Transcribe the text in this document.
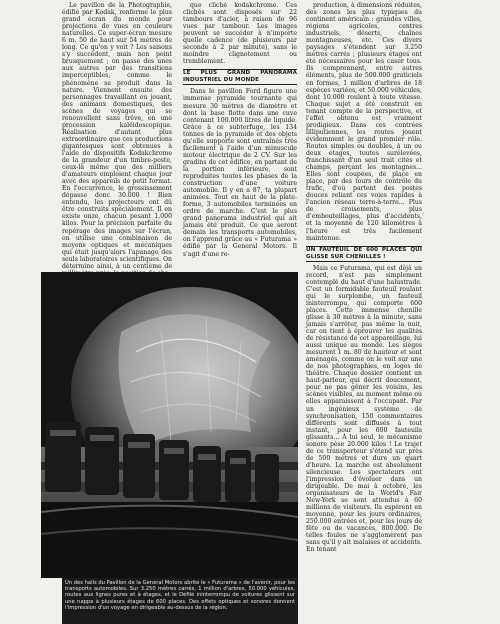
Le pavillon de la Photographie, édifié par Kodak, renferme le plus grand écran du monde pour projections de vues en couleurs naturelles. Ce super-écran mesure 6 m. 50 de haut sur 54 mètres de long. Ce qu'on y voit ? Les saisons s'y succèdent, mais non point brusquement ; on passe des unes aux autres par des transitions imperceptibles, comme le phénomène se produit dans la nature. Viennent ensuite des personnages travaillant ou jouant, des animaux domestiques, des scènes de voyages qui se renouvellent sans trêve, en une procession kaléidoscopique. Réalisation d'autant plus extraordinaire que ces productions gigantesques sont obtenues à l'aide de dispositifs Kodakchrome de la grandeur d'un timbre-poste, ceux-là même que des milliers d'amateurs emploient chaque jour avec des appareils de petit format. En l'occurrence, le grossissement dépasse donc 30.000 ! Bien entendu, les projecteurs ont dû être construits spécialement. Il en existe onze, chacun pesant 1.000 kilos. Pour la précision parfaite du repérage des images sur l'écran, on utilise une combinaison de moyens optiques et mécaniques qui était jusqu'alors l'apanage des seuls laboratoires scientifiques. On détermine ainsi, à un centième de

que cliché kodakchrome. Ces clichés sont disposés sur 22 tambours d'acier, à raison de 96 vues par tambour. Les images peuvent se succéder à n'importe quelle cadence (de plusieurs par seconde à 2 par minute), sans le moindre clignotement ou tremblement.

LE PLUS GRAND PANORAMA INDUSTRIEL DU MONDE

Dans le pavillon Ford figure une immense pyramide tournante qui mesure 30 mètres de diamètre et dont la base flotte dans une cuve contenant 100.000 litres de liquide. Grâce à ce subterfuge, les 134 tonnes de la pyramide et des objets qu'elle supporte sont entraînés très facilement à l'aide d'un minuscule moteur électrique de 2 CV. Sur les gradins de cet édifice, en partant de la portion inférieure, sont reproduites toutes les phases de la construction d'une voiture automobile. Il y en a 87, ta plupart animées. Tout en haut de la plate-forme, 3 automobiles terminées en ordre de marche. C'est le plus grand panorama industriel qui ait jamais été produit. Ce que seront demain les transports automobiles, on l'apprend grâce au « Futurama » édifié par la General Motors. Il s'agit d'une re-

production, à dimensions réduites, des zones les plus typiques du continent américain : grandes villes, régions agricoles, centres industriels, déserts, chaînes montagneuses, etc. Ces divers paysages s'étendent sur 3.250 mètres carrés ; plusieurs étages ont été nécessaires pour les caser tous. Ils comprennent, entre autres éléments, plus de 500.000 graticiels en formes, 1 million d'arbres de 18 espèces variées, et 50.000 véhicules, dont 10.000 roulent à toute vitesse. Chaque sujet a été construit en tenant compte de la perspective, et l'effet obtenu est vraiment prodigieux. Dans ces contrées lilliputiennes, les routes jouent évidemment le grand premier rôle. Routes simples ou doubles, à un ou deux étages, toutes surélevées, franchissant d'un seul trait cités et champs, perçant les montagnes... Elles sont coupées, de place en place, par des tours de contrôle du trafic, d'où partent des postes douces reliant ces voies rapides à l'ancien réseau terre-à-terre... Plus de croisements, plus d'embouteillages, plus d'accidents, et la moyenne de 120 kilomètres à l'heure est très facilement maintenue.

UN FAUTEUIL DE 600 PLACES QUI GLISSE SUR CHENILLES !

Mais ce Futurama, qui est déjà un record, n'est pas simplement contemplé du haut d'une balustrade. C'est un formidable fauteuil roulant qui le surplombe, un fauteuil ininterrompu, qui comporte 600 places. Cette immense chenille glisse à 30 mètres à la minute, sans jamais s'arrêter, pas même la nuit, car on tient à éprouver les qualités de résistance de cet appareillage, lui aussi unique au monde. Les sièges mesurent 1 m. 80 de hauteur et sont aménagés, comme on le voit sur une de nos photographies, en loges de théâtre. Chaque dossier contient un haut-parleur, qui décrit doucement, pour ne pas gêner les voisins, les scènes visibles, au moment même où elles apparaissent à l'occupant. Par un ingénieux système de synchronisation, 150 commentaires différents sont diffusés à tout instant, pour les 600 fauteuils glissants... À lui seul, le mécanisme sonore pèse 20.000 kilos ! Le trajet de ce transporteur s'étend sur près de 500 mètres et dure un quart d'heure. La marche est absolument silencieuse. Les spectateurs ont l'impression d'évoluer dans un dirigeable. De mai à octobre, les organisateurs de la World's Fair New-York se sont attendus à 60 millions de visiteurs. Ils espèrent en moyenne, pour les jours ordinaires, 250.000 entrées et, pour les jours de fête ou de vacances, 800.000. De telles foules ne s'agglomèrent pas sans qu'il y ait malaises et accidents. En tenant

Un des halls du Pavillon de la General Motors abrite le « Futurama » de l'avenir, pour les transports automobiles. Sur 3.250 mètres carrés, 1 million d'arbres, 50.000 véhicules, routes aux lignes pures et à étages, et le Défilé ininterrompu de voitures glissent sur une nappe à plusieurs étages de 600 places. Des effets optiques et sonores donnent l'impression d'un voyage en dirigeable au-dessus de la région.
